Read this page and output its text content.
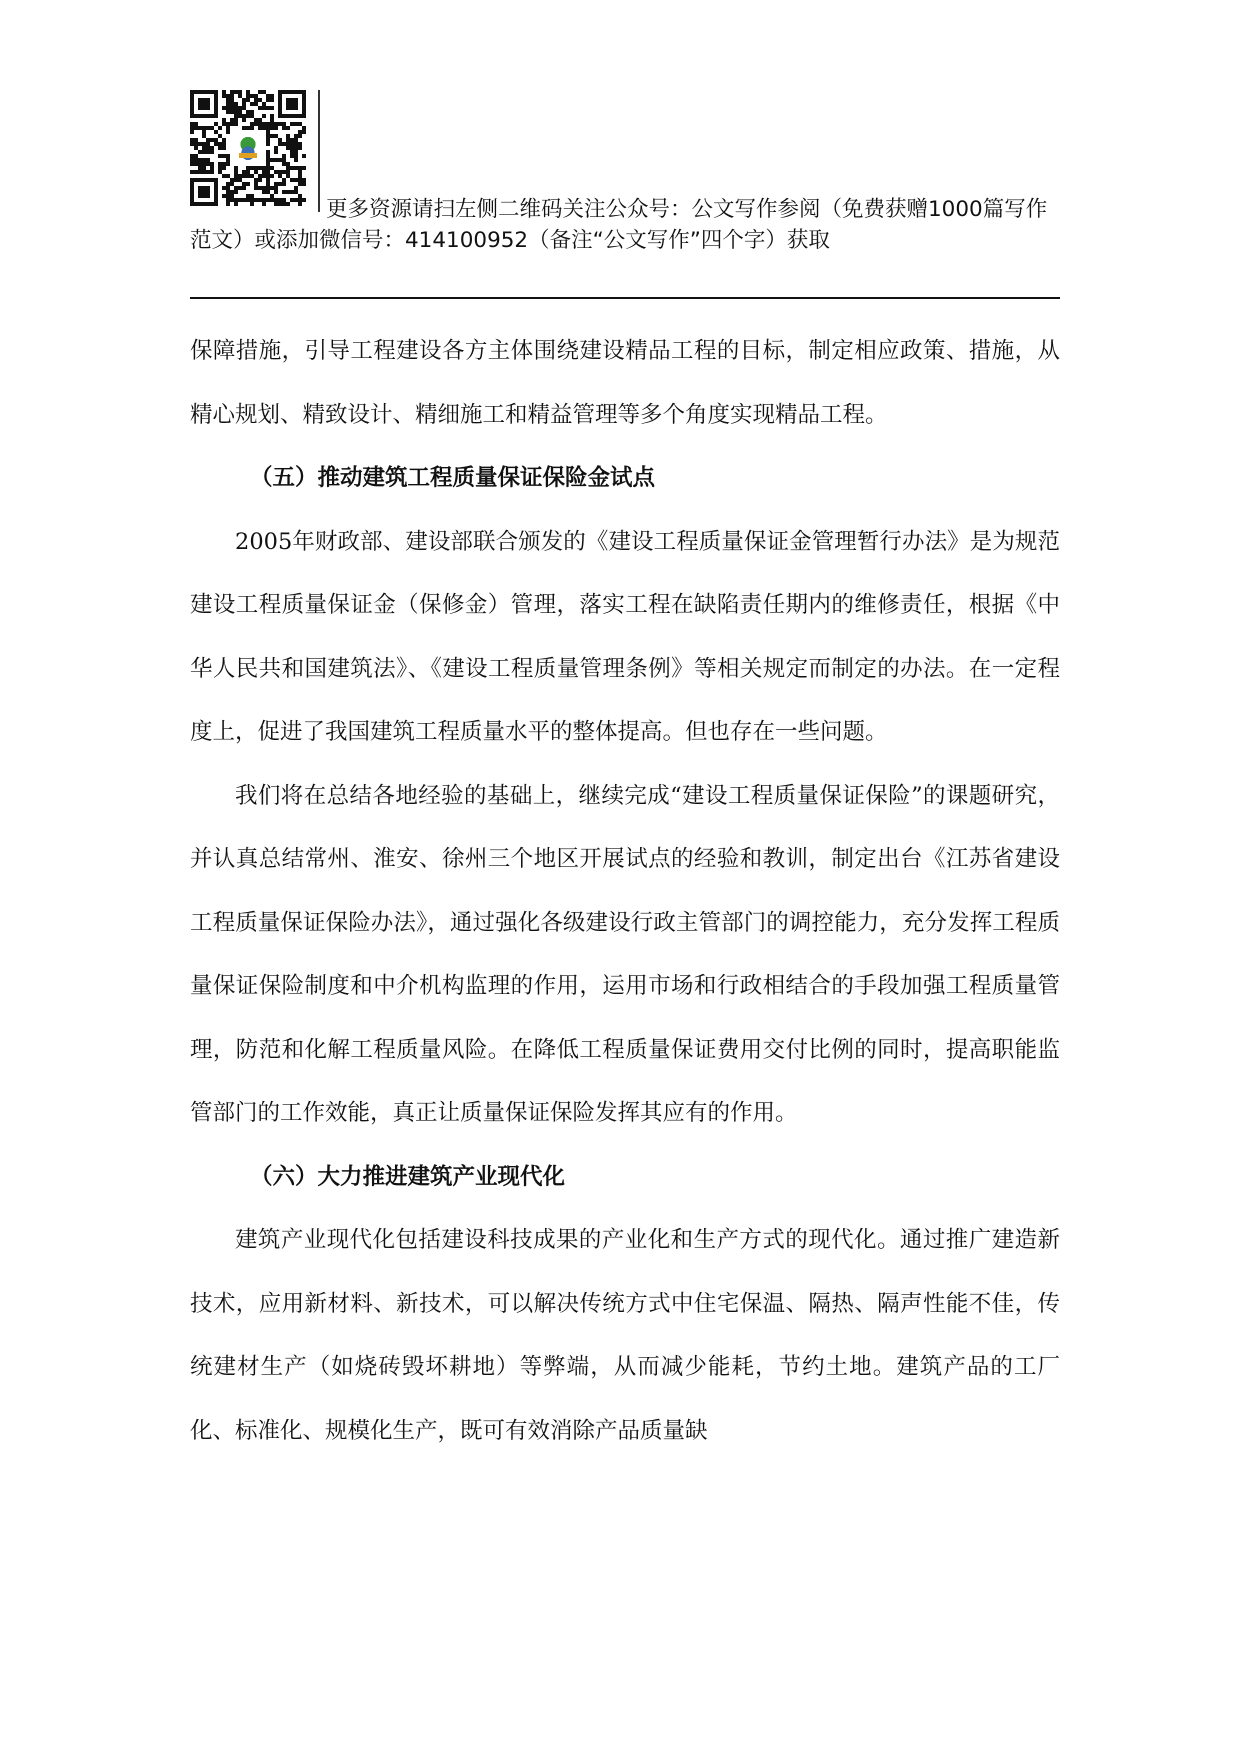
更多资源请扫左侧二维码关注公众号：公文写作参阅（免费获赠1000篇写作范文）或添加微信号：414100952（备注“公文写作”四个字）获取

保障措施，引导工程建设各方主体围绕建设精品工程的目标，制定相应政策、措施，从精心规划、精致设计、精细施工和精益管理等多个角度实现精品工程。

（五）推动建筑工程质量保证保险金试点

2005年财政部、建设部联合颁发的《建设工程质量保证金管理暂行办法》是为规范建设工程质量保证金（保修金）管理，落实工程在缺陷责任期内的维修责任，根据《中华人民共和国建筑法》、《建设工程质量管理条例》等相关规定而制定的办法。在一定程度上，促进了我国建筑工程质量水平的整体提高。但也存在一些问题。

我们将在总结各地经验的基础上，继续完成“建设工程质量保证保险”的课题研究，并认真总结常州、淮安、徐州三个地区开展试点的经验和教训，制定出台《江苏省建设工程质量保证保险办法》，通过强化各级建设行政主管部门的调控能力，充分发挥工程质量保证保险制度和中介机构监理的作用，运用市场和行政相结合的手段加强工程质量管理，防范和化解工程质量风险。在降低工程质量保证费用交付比例的同时，提高职能监管部门的工作效能，真正让质量保证保险发挥其应有的作用。

（六）大力推进建筑产业现代化

建筑产业现代化包括建设科技成果的产业化和生产方式的现代化。通过推广建造新技术，应用新材料、新技术，可以解决传统方式中住宅保温、隔热、隔声性能不佳，传统建材生产（如烧砖毁坏耕地）等弊端，从而减少能耗，节约土地。建筑产品的工厂化、标准化、规模化生产，既可有效消除产品质量缺
